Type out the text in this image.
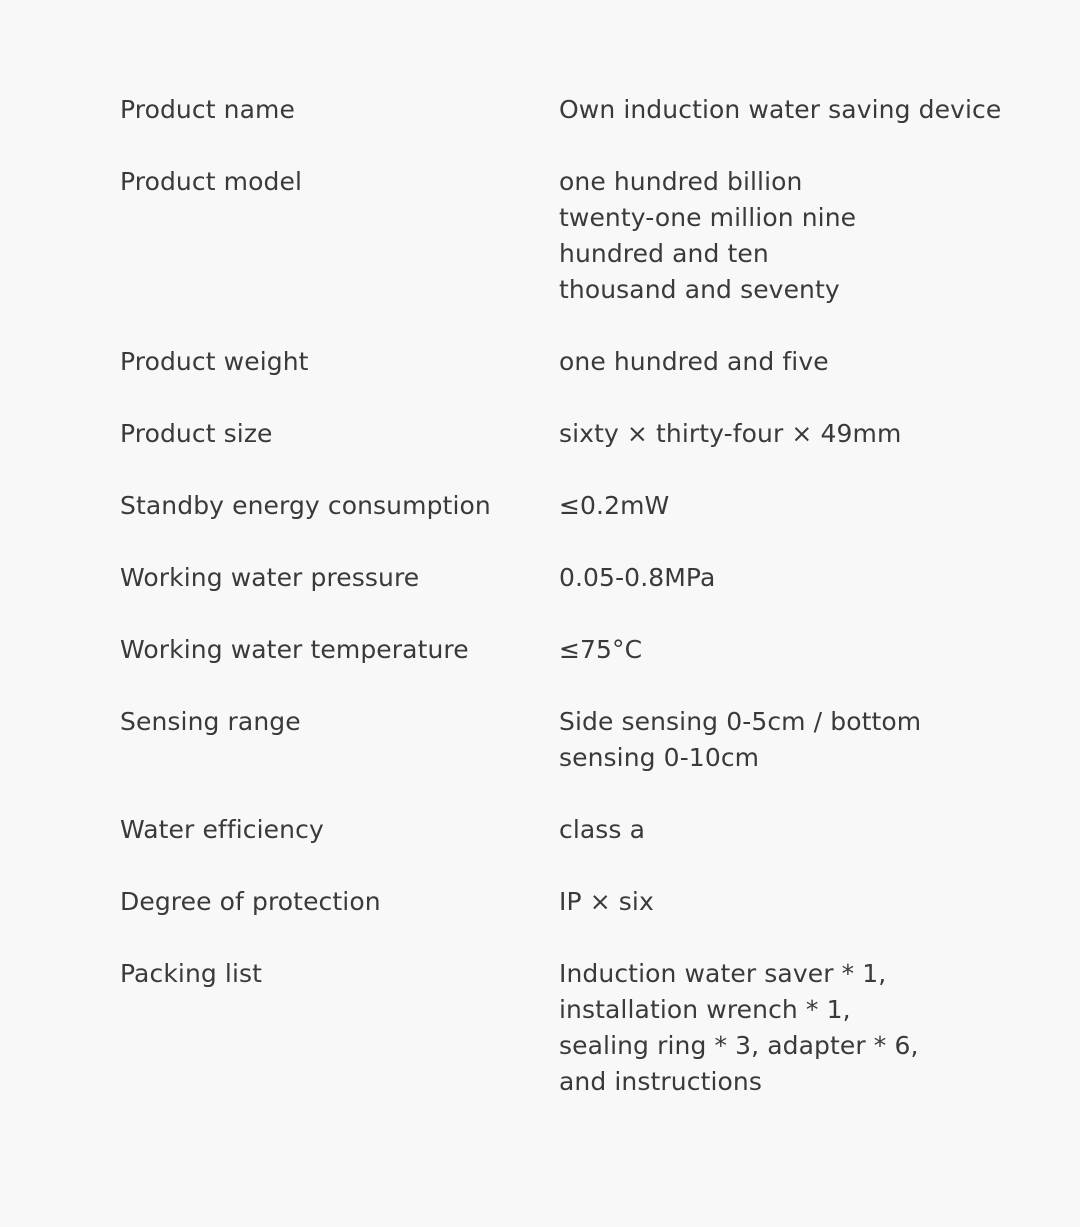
Product name	Own induction water saving device
Product model	one hundred billion
twenty-one million nine
hundred and ten
thousand and seventy
Product weight	one hundred and five
Product size	sixty × thirty-four × 49mm
Standby energy consumption	≤0.2mW
Working water pressure	0.05-0.8MPa
Working water temperature	≤75°C
Sensing range	Side sensing 0-5cm / bottom
sensing 0-10cm
Water efficiency	class a
Degree of protection	IP × six
Packing list	Induction water saver * 1,
installation wrench * 1,
sealing ring * 3, adapter * 6,
and instructions
